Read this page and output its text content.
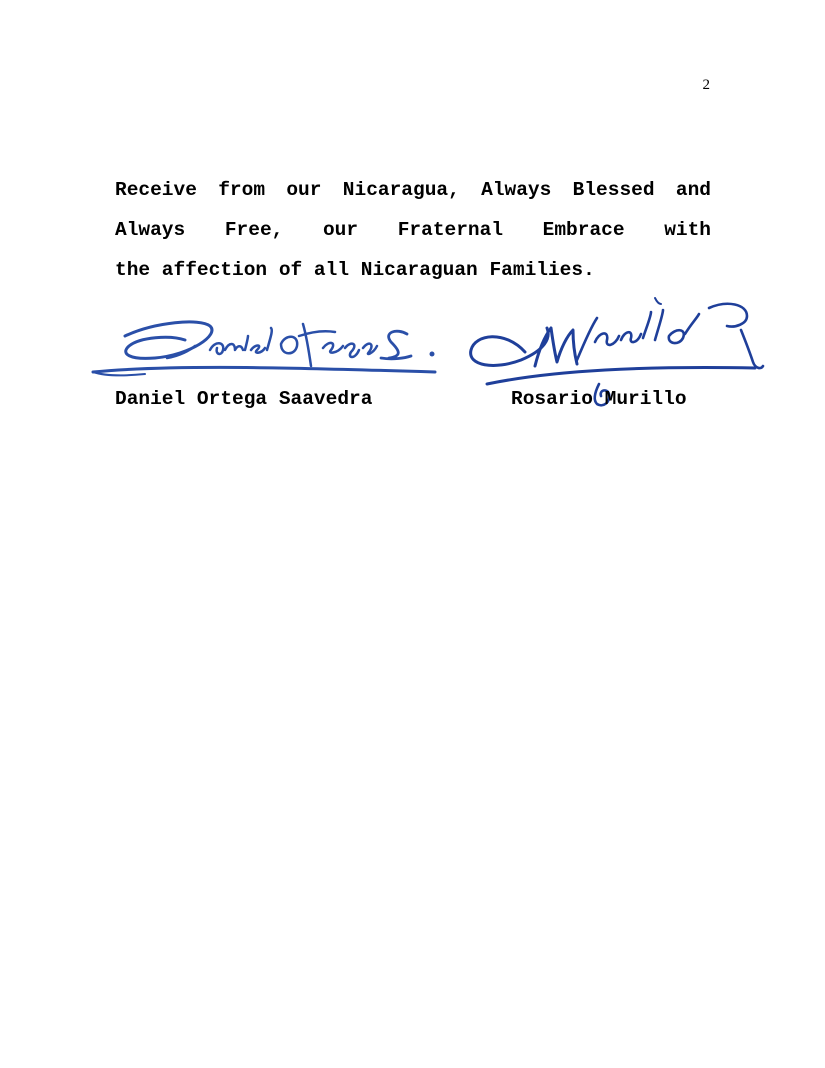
2
Receive from our Nicaragua, Always Blessed and
Always Free, our Fraternal Embrace with
the affection of all Nicaraguan Families.
Daniel Ortega Saavedra	Rosario Murillo
